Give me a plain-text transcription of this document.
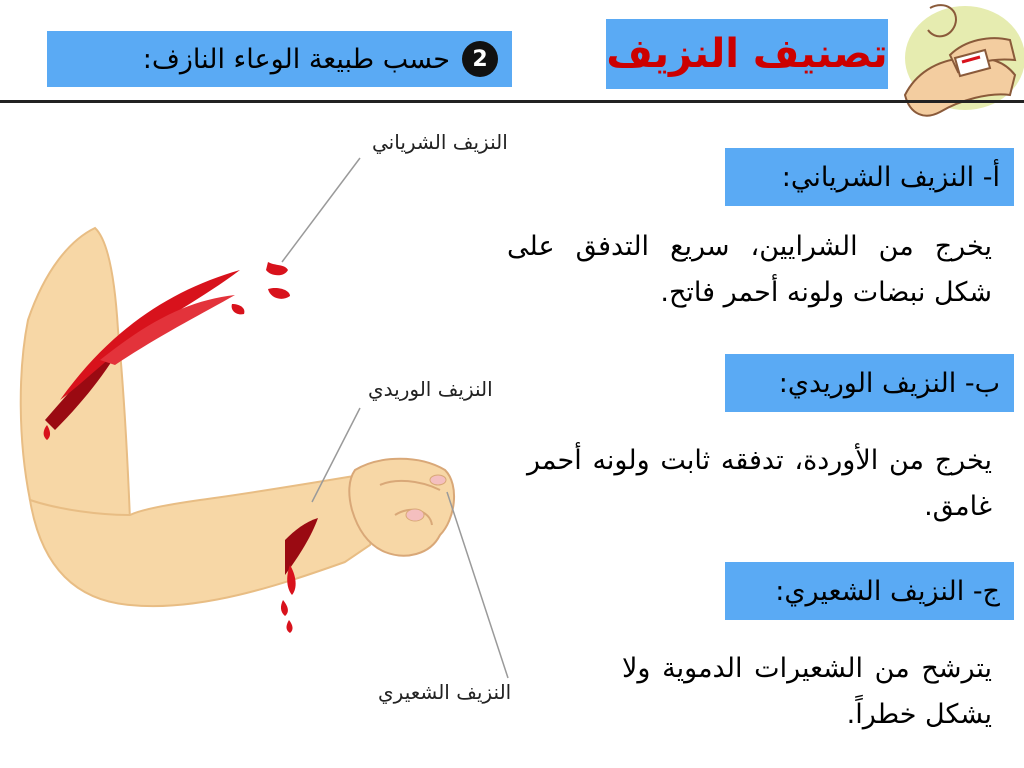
تصنيف النزيف
2
حسب طبيعة الوعاء النازف:
النزيف الشرياني
النزيف الوريدي
النزيف الشعيري
أ- النزيف الشرياني:
يخرج من الشرايين، سريع التدفق على شكل نبضات ولونه أحمر فاتح.
ب- النزيف الوريدي:
يخرج من الأوردة، تدفقه ثابت ولونه أحمر غامق.
ج- النزيف الشعيري:
يترشح من الشعيرات الدموية ولا يشكل خطراً.
